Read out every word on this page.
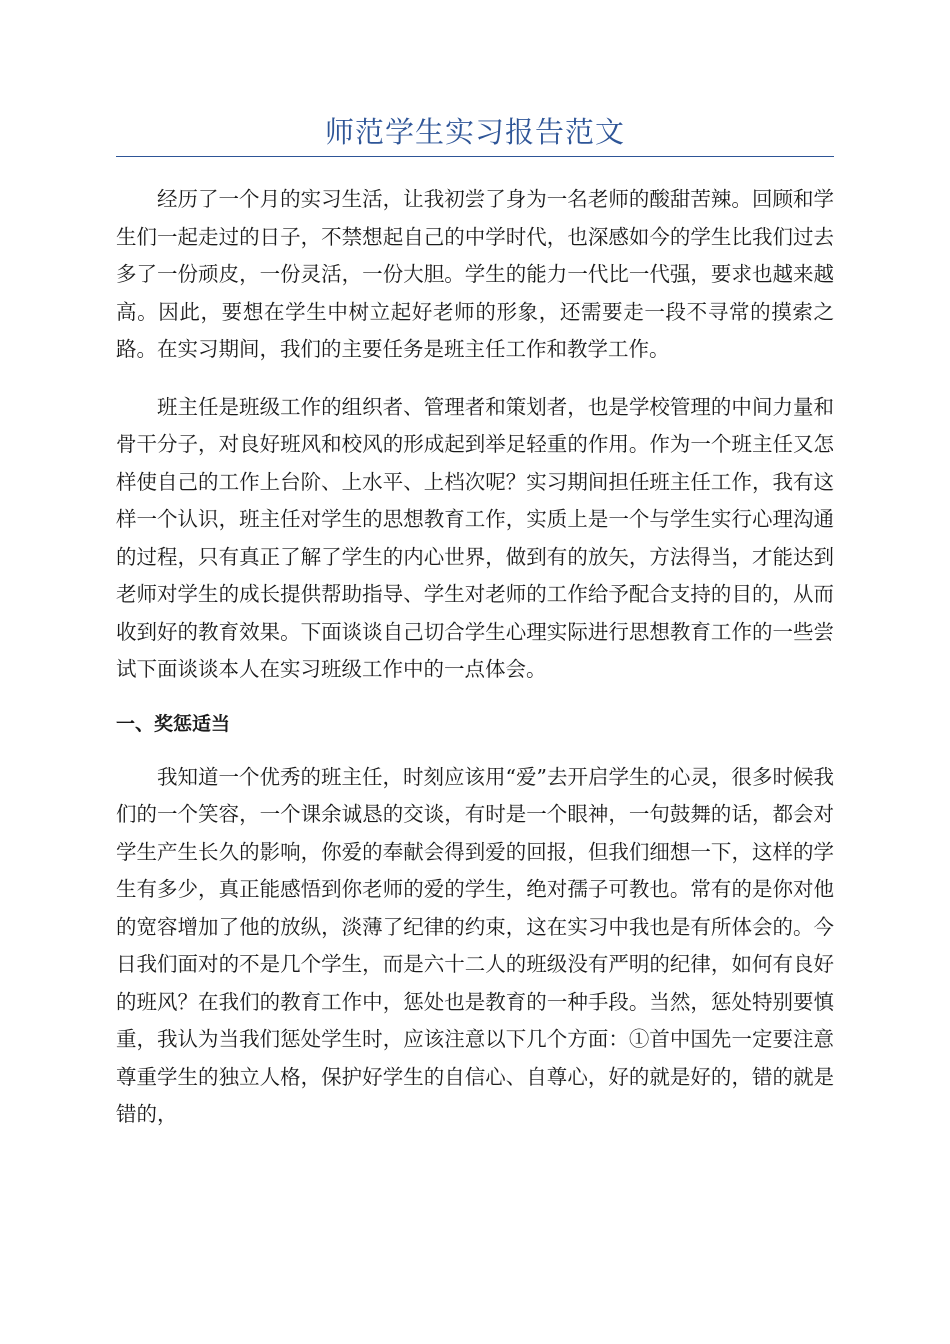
师范学生实习报告范文

经历了一个月的实习生活，让我初尝了身为一名老师的酸甜苦辣。回顾和学生们一起走过的日子，不禁想起自己的中学时代，也深感如今的学生比我们过去多了一份顽皮，一份灵活，一份大胆。学生的能力一代比一代强，要求也越来越高。因此，要想在学生中树立起好老师的形象，还需要走一段不寻常的摸索之路。在实习期间，我们的主要任务是班主任工作和教学工作。

班主任是班级工作的组织者、管理者和策划者，也是学校管理的中间力量和骨干分子，对良好班风和校风的形成起到举足轻重的作用。作为一个班主任又怎样使自己的工作上台阶、上水平、上档次呢？实习期间担任班主任工作，我有这样一个认识，班主任对学生的思想教育工作，实质上是一个与学生实行心理沟通的过程，只有真正了解了学生的内心世界，做到有的放矢，方法得当，才能达到老师对学生的成长提供帮助指导、学生对老师的工作给予配合支持的目的，从而收到好的教育效果。下面谈谈自己切合学生心理实际进行思想教育工作的一些尝试下面谈谈本人在实习班级工作中的一点体会。

一、奖惩适当

我知道一个优秀的班主任，时刻应该用“爱”去开启学生的心灵，很多时候我们的一个笑容，一个课余诚恳的交谈，有时是一个眼神，一句鼓舞的话，都会对学生产生长久的影响，你爱的奉献会得到爱的回报，但我们细想一下，这样的学生有多少，真正能感悟到你老师的爱的学生，绝对孺子可教也。常有的是你对他的宽容增加了他的放纵，淡薄了纪律的约束，这在实习中我也是有所体会的。今日我们面对的不是几个学生，而是六十二人的班级没有严明的纪律，如何有良好的班风？在我们的教育工作中，惩处也是教育的一种手段。当然，惩处特别要慎重，我认为当我们惩处学生时，应该注意以下几个方面：①首中国先一定要注意尊重学生的独立人格，保护好学生的自信心、自尊心，好的就是好的，错的就是错的，
